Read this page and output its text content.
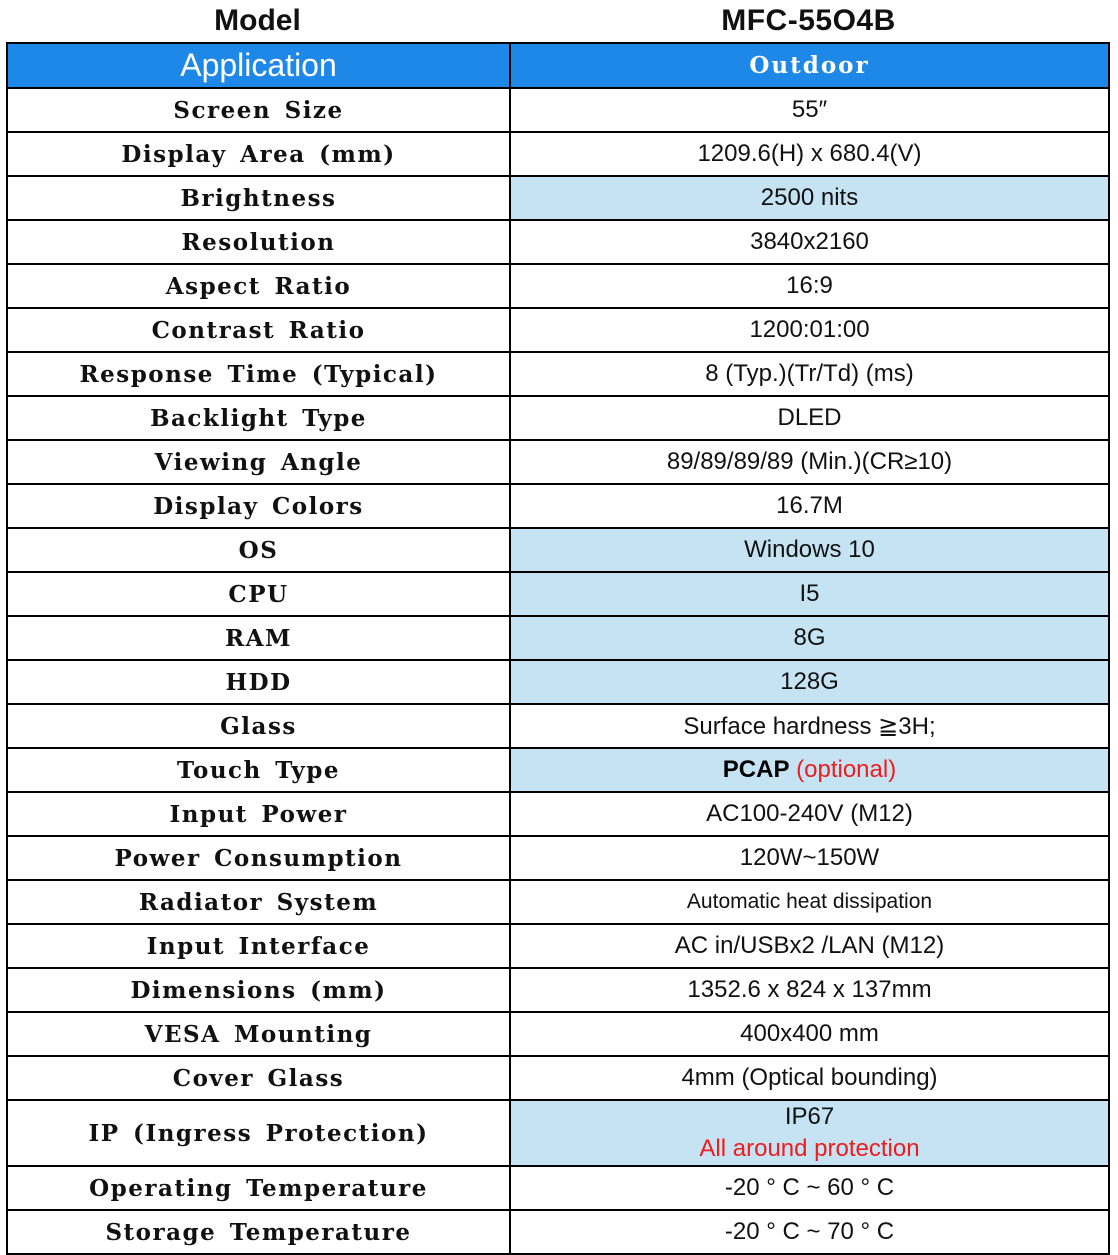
Model	MFC-55O4B
Application	Outdoor
Screen Size	55″
Display Area (mm)	1209.6(H) x 680.4(V)
Brightness	2500 nits
Resolution	3840x2160
Aspect Ratio	16:9
Contrast Ratio	1200:01:00
Response Time (Typical)	8 (Typ.)(Tr/Td) (ms)
Backlight Type	DLED
Viewing Angle	89/89/89/89 (Min.)(CR≥10)
Display Colors	16.7M
OS	Windows 10
CPU	I5
RAM	8G
HDD	128G
Glass	Surface hardness ≧3H;
Touch Type	PCAP (optional)
Input Power	AC100-240V (M12)
Power Consumption	120W~150W
Radiator System	Automatic heat dissipation
Input Interface	AC in/USBx2 /LAN (M12)
Dimensions (mm)	1352.6 x 824 x 137mm
VESA Mounting	400x400 mm
Cover Glass	4mm (Optical bounding)
IP (Ingress Protection)	IP67
All around protection

Operating Temperature	-20 ° C ~ 60 ° C
Storage Temperature	-20 ° C ~ 70 ° C
